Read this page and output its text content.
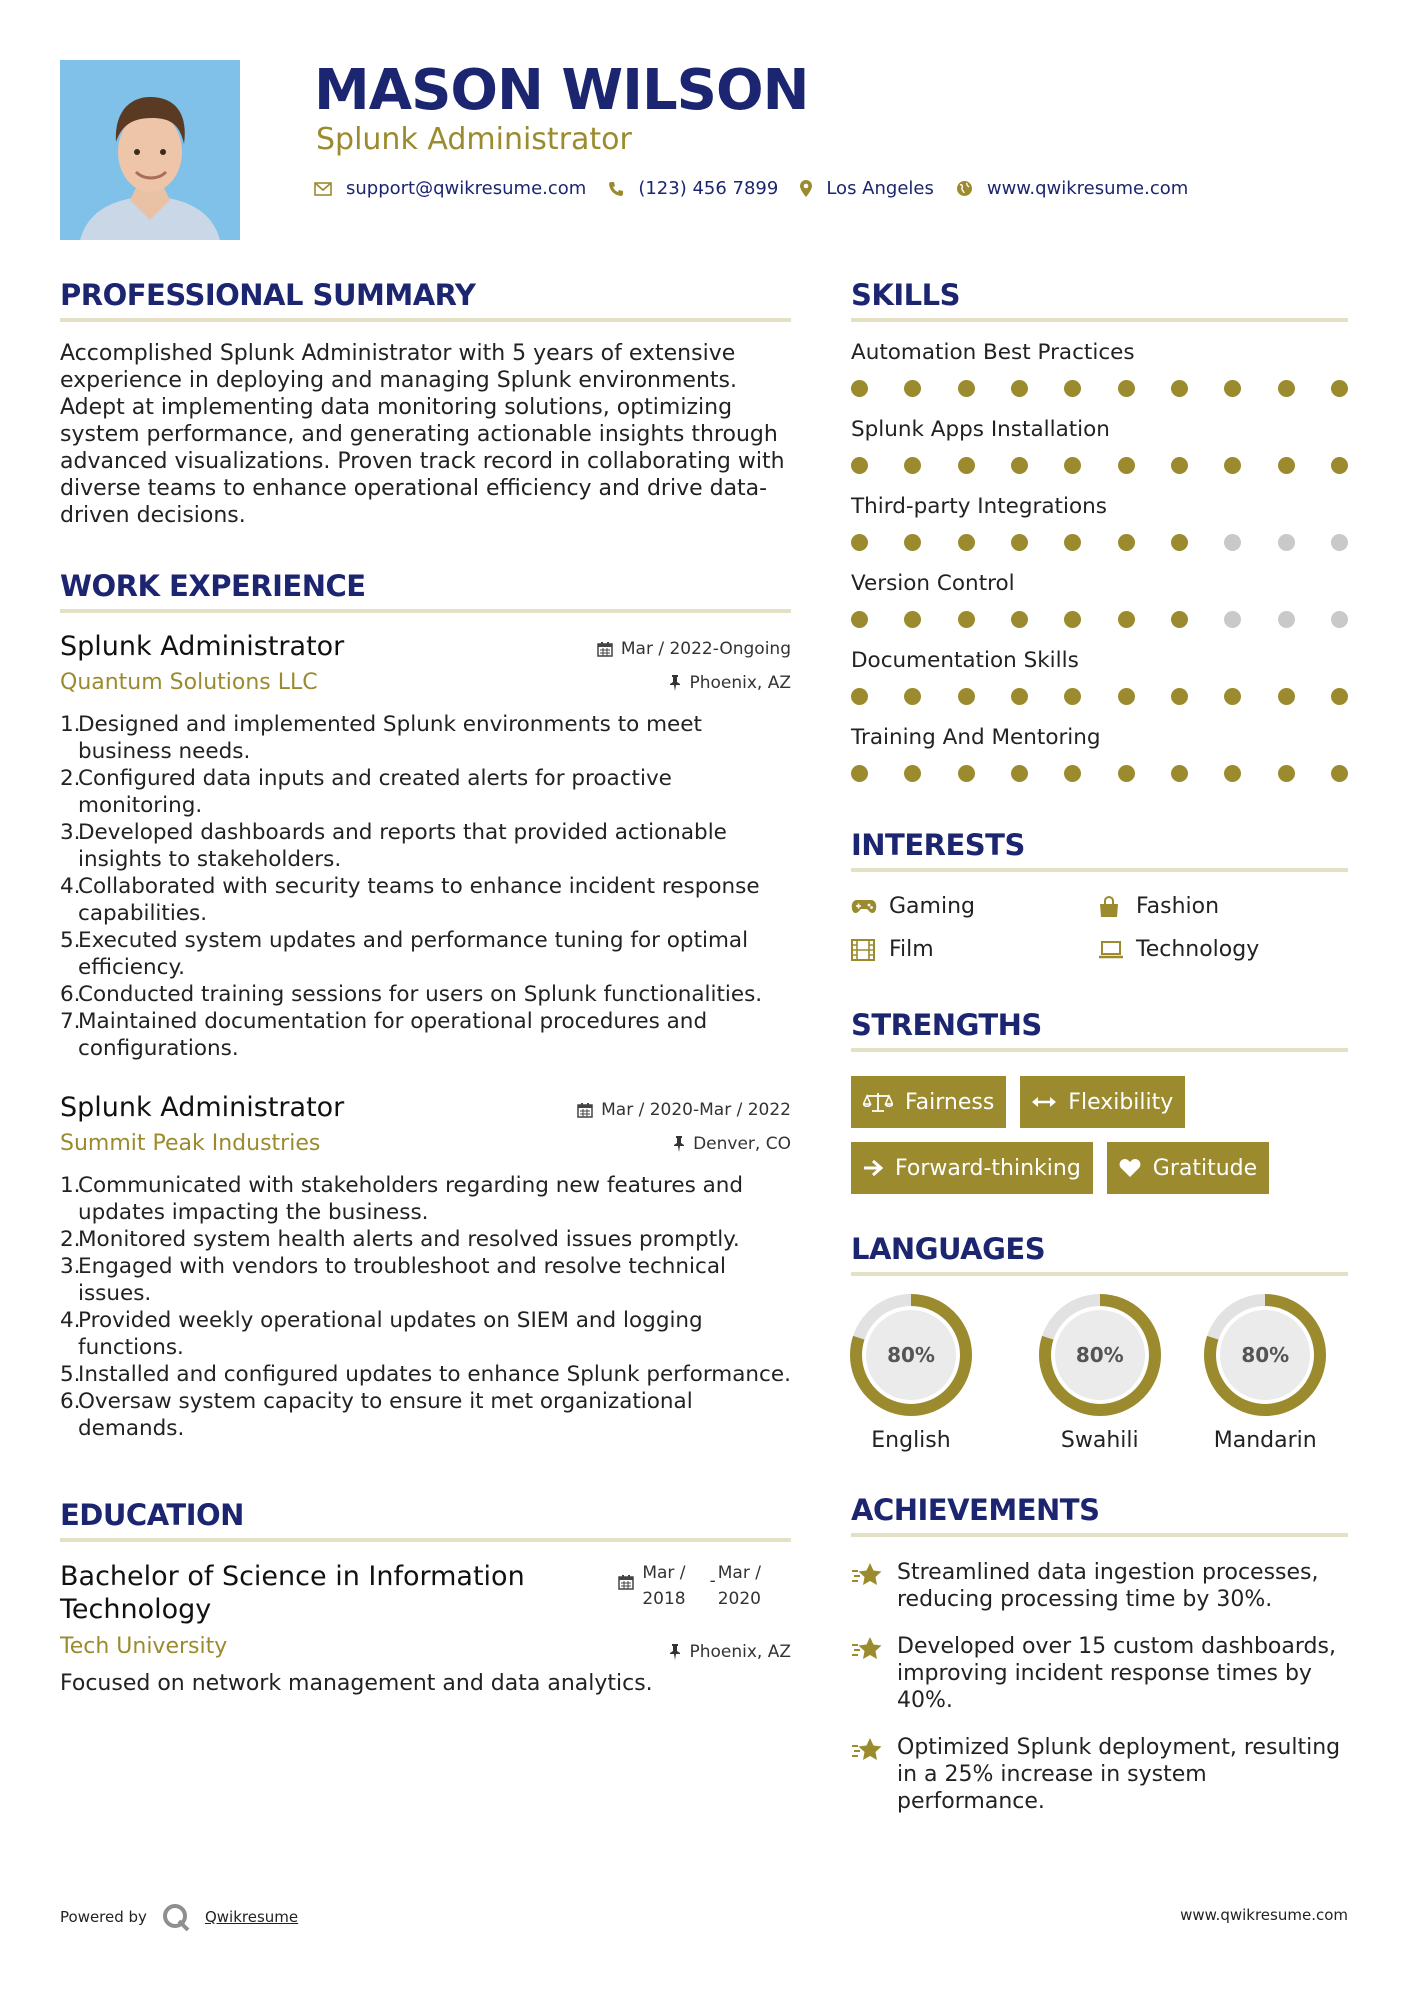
MASON WILSON
Splunk Administrator
support@qwikresume.com	(123) 456 7899	Los Angeles	www.qwikresume.com
PROFESSIONAL SUMMARY
Accomplished Splunk Administrator with 5 years of extensive experience in deploying and managing Splunk environments. Adept at implementing data monitoring solutions, optimizing system performance, and generating actionable insights through advanced visualizations. Proven track record in collaborating with diverse teams to enhance operational efficiency and drive data-driven decisions.
WORK EXPERIENCE
Splunk Administrator
Quantum Solutions LLC
Mar / 2022-Ongoing
Phoenix, AZ
1.
Designed and implemented Splunk environments to meet business needs.
2.
Configured data inputs and created alerts for proactive monitoring.
3.
Developed dashboards and reports that provided actionable insights to stakeholders.
4.
Collaborated with security teams to enhance incident response capabilities.
5.
Executed system updates and performance tuning for optimal efficiency.
6.
Conducted training sessions for users on Splunk functionalities.
7.
Maintained documentation for operational procedures and configurations.
Splunk Administrator
Summit Peak Industries
Mar / 2020-Mar / 2022
Denver, CO
1.
Communicated with stakeholders regarding new features and updates impacting the business.
2.
Monitored system health alerts and resolved issues promptly.
3.
Engaged with vendors to troubleshoot and resolve technical issues.
4.
Provided weekly operational updates on SIEM and logging functions.
5.
Installed and configured updates to enhance Splunk performance.
6.
Oversaw system capacity to ensure it met organizational demands.
EDUCATION
Bachelor of Science in Information Technology
Tech University
Mar /
2018
- Mar /
2020
Phoenix, AZ
Focused on network management and data analytics.
SKILLS
Automation Best Practices
Splunk Apps Installation
Third-party Integrations
Version Control
Documentation Skills
Training And Mentoring
INTERESTS
Gaming	Fashion
Film	Technology
STRENGTHS
Fairness	Flexibility
Forward-thinking	Gratitude
LANGUAGES
80%
English
80%
Swahili
80%
Mandarin
ACHIEVEMENTS
Streamlined data ingestion processes, reducing processing time by 30%.
Developed over 15 custom dashboards, improving incident response times by 40%.
Optimized Splunk deployment, resulting in a 25% increase in system performance.
Powered by	Qwikresume	www.qwikresume.com
